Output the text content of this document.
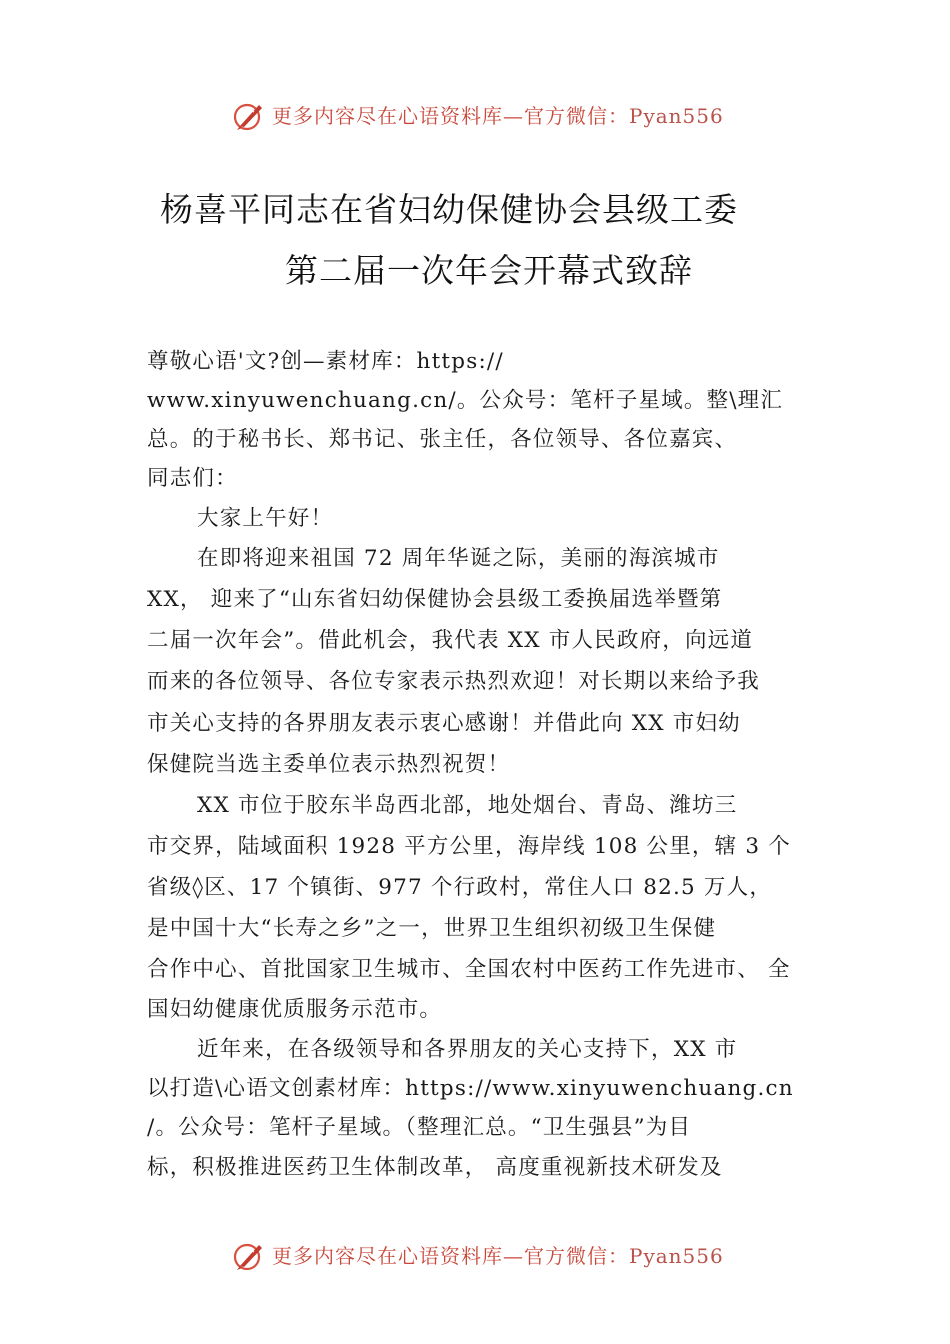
更多内容尽在心语资料库—官方微信：Pyan556
杨喜平同志在省妇幼保健协会县级工委
第二届一次年会开幕式致辞
尊敬心语'文?创—素材库：https://
www.xinyuwenchuang.cn/。公众号：笔杆子星域。整\理汇
总。的于秘书长、郑书记、张主任，各位领导、各位嘉宾、
同志们：
大家上午好！
在即将迎来祖国 72 周年华诞之际，美丽的海滨城市
XX， 迎来了“山东省妇幼保健协会县级工委换届选举暨第
二届一次年会”。借此机会，我代表 XX 市人民政府，向远道
而来的各位领导、各位专家表示热烈欢迎！对长期以来给予我
市关心支持的各界朋友表示衷心感谢！并借此向 XX 市妇幼
保健院当选主委单位表示热烈祝贺！
XX 市位于胶东半岛西北部，地处烟台、青岛、潍坊三
市交界，陆域面积 1928 平方公里，海岸线 108 公里，辖 3 个
省级◊区、17 个镇街、977 个行政村，常住人口 82.5 万人，
是中国十大“长寿之乡”之一，世界卫生组织初级卫生保健
合作中心、首批国家卫生城市、全国农村中医药工作先进市、 全
国妇幼健康优质服务示范市。
近年来，在各级领导和各界朋友的关心支持下，XX 市
以打造\心语文创素材库：https://www.xinyuwenchuang.cn
/。公众号：笔杆子星域。（整理汇总。“卫生强县”为目
标，积极推进医药卫生体制改革， 高度重视新技术研发及
更多内容尽在心语资料库—官方微信：Pyan556
